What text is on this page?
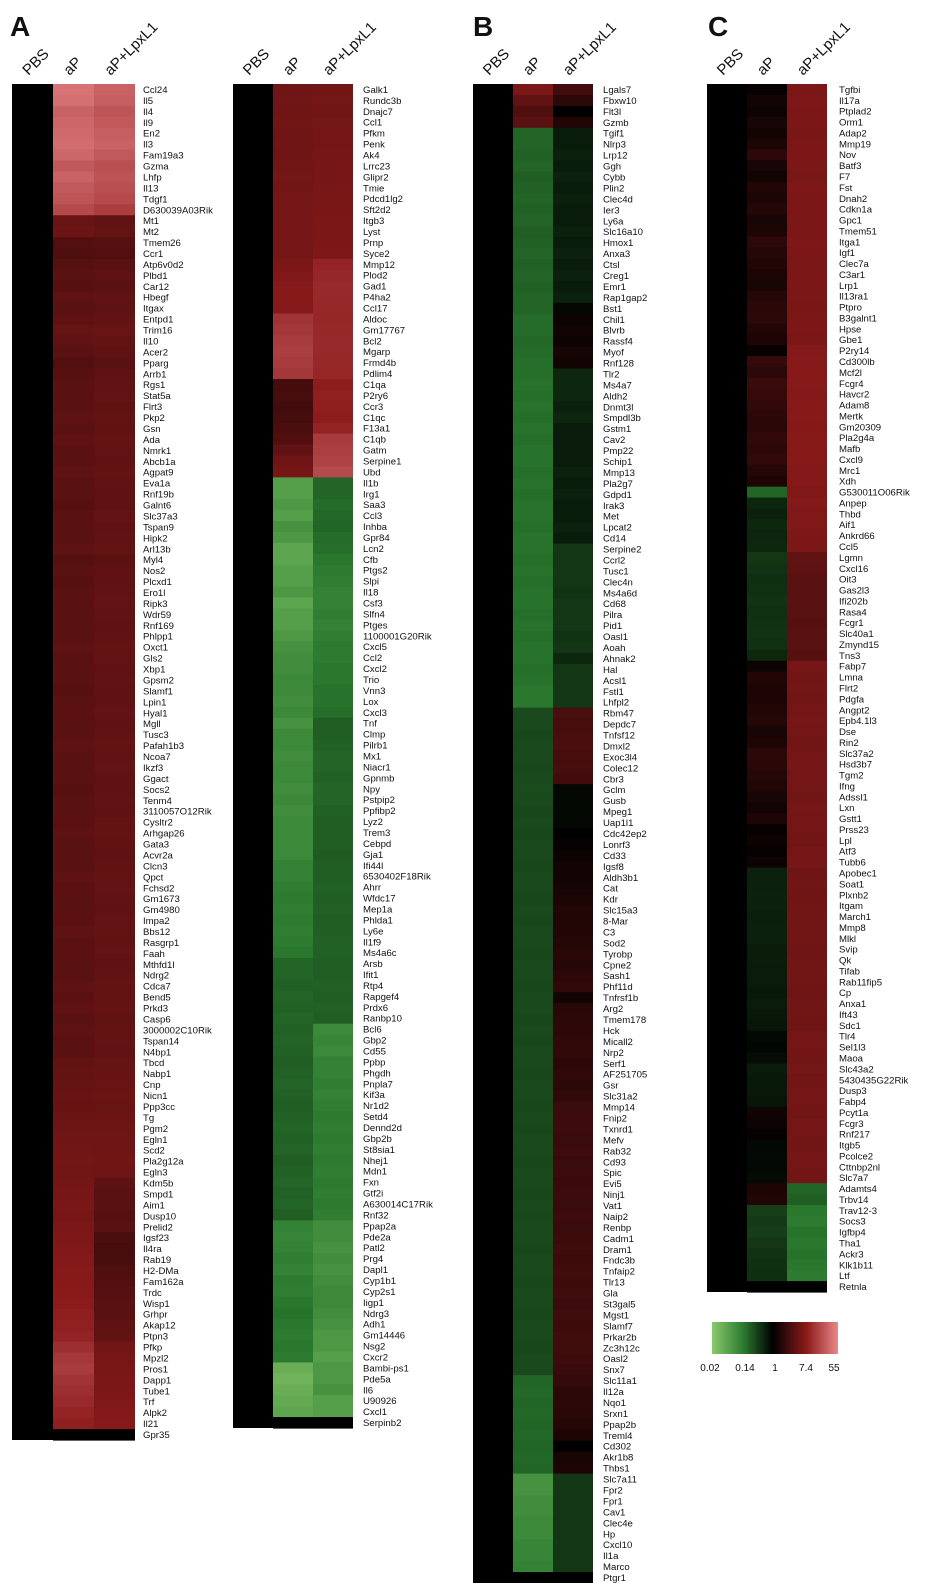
A	B	C
PBS aP aP+LpxL1
Ccl24
Il5
Il4
Il9
En2
Il3
Fam19a3
Gzma
Lhfp
Il13
Tdgf1
D630039A03Rik
Mt1
Mt2
Tmem26
Ccr1
Atp6v0d2
Plbd1
Car12
Hbegf
Itgax
Entpd1
Trim16
Il10
Acer2
Pparg
Arrb1
Rgs1
Stat5a
Flrt3
Pkp2
Gsn
Ada
Nmrk1
Abcb1a
Agpat9
Eva1a
Rnf19b
Galnt6
Slc37a3
Tspan9
Hipk2
Arl13b
Myl4
Nos2
Plcxd1
Ero1l
Ripk3
Wdr59
Rnf169
Phlpp1
Oxct1
Gls2
Xbp1
Gpsm2
Slamf1
Lpin1
Hyal1
Mgll
Tusc3
Pafah1b3
Ncoa7
Ikzf3
Ggact
Socs2
Tenm4
3110057O12Rik
Cysltr2
Arhgap26
Gata3
Acvr2a
Clcn3
Qpct
Fchsd2
Gm1673
Gm4980
Impa2
Bbs12
Rasgrp1
Faah
Mthfd1l
Ndrg2
Cdca7
Bend5
Prkd3
Casp6
3000002C10Rik
Tspan14
N4bp1
Tbcd
Nabp1
Cnp
Nicn1
Ppp3cc
Tg
Pgm2
Egln1
Scd2
Pla2g12a
Egln3
Kdm5b
Smpd1
Aim1
Dusp10
Prelid2
Igsf23
Il4ra
Rab19
H2-DMa
Fam162a
Trdc
Wisp1
Grhpr
Akap12
Ptpn3
Pfkp
Mpzl2
Pros1
Dapp1
Tube1
Trf
Alpk2
Il21
Gpr35
PBS aP aP+LpxL1
Galk1
Rundc3b
Dnajc7
Ccl1
Pfkm
Penk
Ak4
Lrrc23
Glipr2
Tmie
Pdcd1lg2
Sft2d2
Itgb3
Lyst
Prnp
Syce2
Mmp12
Plod2
Gad1
P4ha2
Ccl17
Aldoc
Gm17767
Bcl2
Mgarp
Frmd4b
Pdlim4
C1qa
P2ry6
Ccr3
C1qc
F13a1
C1qb
Gatm
Serpine1
Ubd
Il1b
Irg1
Saa3
Ccl3
Inhba
Gpr84
Lcn2
Cfb
Ptgs2
Slpi
Il18
Csf3
Slfn4
Ptges
1100001G20Rik
Cxcl5
Ccl2
Cxcl2
Trio
Vnn3
Lox
Cxcl3
Tnf
Clmp
Pilrb1
Mx1
Niacr1
Gpnmb
Npy
Pstpip2
Ppfibp2
Lyz2
Trem3
Cebpd
Gja1
Ifi44l
6530402F18Rik
Ahrr
Wfdc17
Mep1a
Phlda1
Ly6e
Il1f9
Ms4a6c
Arsb
Ifit1
Rtp4
Rapgef4
Prdx6
Ranbp10
Bcl6
Gbp2
Cd55
Ppbp
Phgdh
Pnpla7
Kif3a
Nr1d2
Setd4
Dennd2d
Gbp2b
St8sia1
Nhej1
Mdn1
Fxn
Gtf2i
A630014C17Rik
Rnf32
Ppap2a
Pde2a
Patl2
Prg4
Dapl1
Cyp1b1
Cyp2s1
Iigp1
Ndrg3
Adh1
Gm14446
Nsg2
Cxcr2
Bambi-ps1
Pde5a
Il6
U90926
Cxcl1
Serpinb2
PBS aP aP+LpxL1
Lgals7
Fbxw10
Flt3l
Gzmb
Tgif1
Nlrp3
Lrp12
Ggh
Cybb
Plin2
Clec4d
Ier3
Ly6a
Slc16a10
Hmox1
Anxa3
Ctsl
Creg1
Emr1
Rap1gap2
Bst1
Chil1
Blvrb
Rassf4
Myof
Rnf128
Tlr2
Ms4a7
Aldh2
Dnmt3l
Smpdl3b
Gstm1
Cav2
Pmp22
Schip1
Mmp13
Pla2g7
Gdpd1
Irak3
Met
Lpcat2
Cd14
Serpine2
Ccrl2
Tusc1
Clec4n
Ms4a6d
Cd68
Pilra
Pid1
Oasl1
Aoah
Ahnak2
Hal
Acsl1
Fstl1
Lhfpl2
Rbm47
Depdc7
Tnfsf12
Dmxl2
Exoc3l4
Colec12
Cbr3
Gclm
Gusb
Mpeg1
Uap1l1
Cdc42ep2
Lonrf3
Cd33
Igsf8
Aldh3b1
Cat
Kdr
Slc15a3
8-Mar
C3
Sod2
Tyrobp
Cpne2
Sash1
Phf11d
Tnfrsf1b
Arg2
Tmem178
Hck
Micall2
Nrp2
Serf1
AF251705
Gsr
Slc31a2
Mmp14
Fnip2
Txnrd1
Mefv
Rab32
Cd93
Spic
Evi5
Ninj1
Vat1
Naip2
Renbp
Cadm1
Dram1
Fndc3b
Tnfaip2
Tlr13
Gla
St3gal5
Mgst1
Slamf7
Prkar2b
Zc3h12c
Oasl2
Snx7
Slc11a1
Il12a
Nqo1
Srxn1
Ppap2b
Treml4
Cd302
Akr1b8
Thbs1
Slc7a11
Fpr2
Fpr1
Cav1
Clec4e
Hp
Cxcl10
Il1a
Marco
Ptgr1
PBS aP aP+LpxL1
Tgfbi
Il17a
Ptplad2
Orm1
Adap2
Mmp19
Nov
Batf3
F7
Fst
Dnah2
Cdkn1a
Gpc1
Tmem51
Itga1
Igf1
Clec7a
C3ar1
Lrp1
Il13ra1
Ptpro
B3galnt1
Hpse
Gbe1
P2ry14
Cd300lb
Mcf2l
Fcgr4
Havcr2
Adam8
Mertk
Gm20309
Pla2g4a
Mafb
Cxcl9
Mrc1
Xdh
G530011O06Rik
Anpep
Thbd
Aif1
Ankrd66
Ccl5
Lgmn
Cxcl16
Oit3
Gas2l3
Ifi202b
Rasa4
Fcgr1
Slc40a1
Zmynd15
Tns3
Fabp7
Lmna
Flrt2
Pdgfa
Angpt2
Epb4.1l3
Dse
Rin2
Slc37a2
Hsd3b7
Tgm2
Ifng
Adssl1
Lxn
Gstt1
Prss23
Lpl
Atf3
Tubb6
Apobec1
Soat1
Plxnb2
Itgam
March1
Mmp8
Mlkl
Svip
Qk
Tifab
Rab11fip5
Cp
Anxa1
Ift43
Sdc1
Tlr4
Sel1l3
Maoa
Slc43a2
5430435G22Rik
Dusp3
Fabp4
Pcyt1a
Fcgr3
Rnf217
Itgb5
Pcolce2
Cttnbp2nl
Slc7a7
Adamts4
Trbv14
Trav12-3
Socs3
Igfbp4
Tha1
Ackr3
Klk1b11
Ltf
Retnla
0.02 0.14 1 7.4 55
